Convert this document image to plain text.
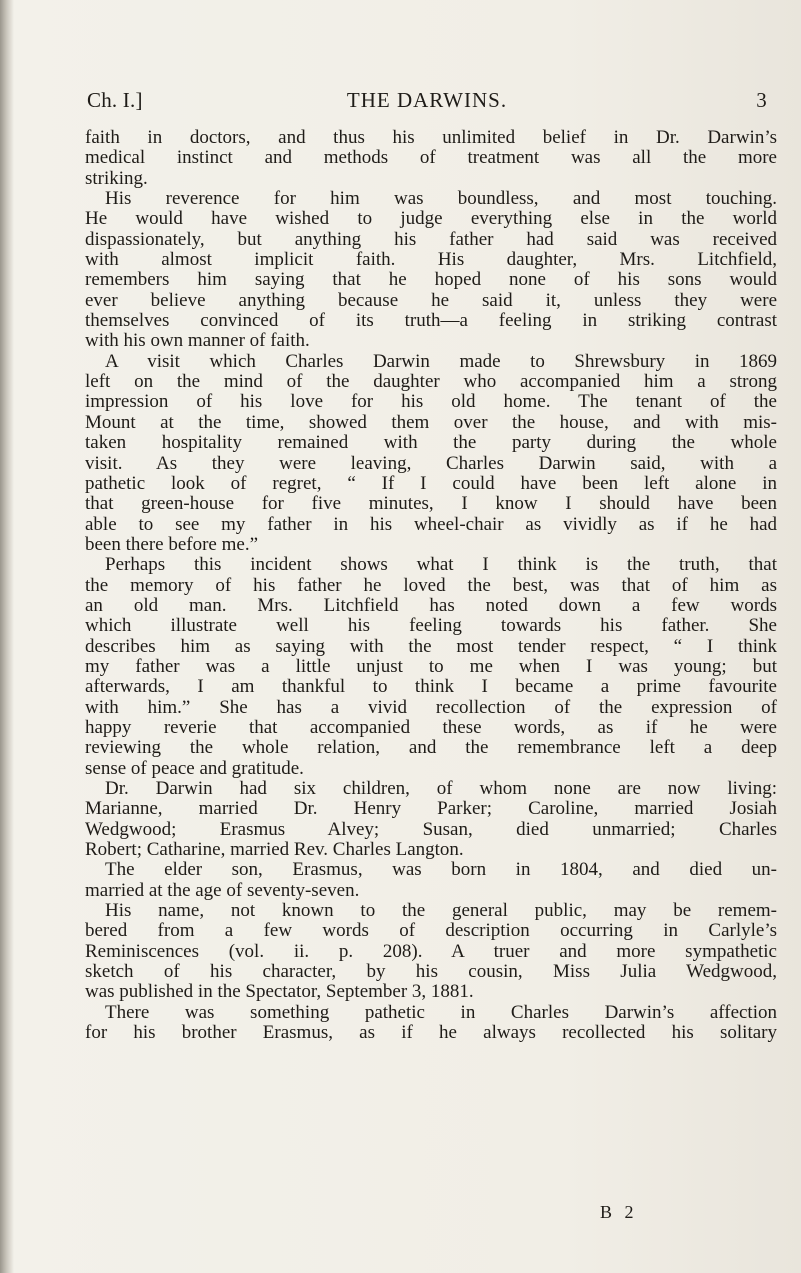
Ch. I.]	THE DARWINS.	3
faith in doctors, and thus his unlimited belief in Dr. Darwin’s
medical instinct and methods of treatment was all the more
striking.
His reverence for him was boundless, and most touching.
He would have wished to judge everything else in the world
dispassionately, but anything his father had said was received
with almost implicit faith. His daughter, Mrs. Litchfield,
remembers him saying that he hoped none of his sons would
ever believe anything because he said it, unless they were
themselves convinced of its truth—a feeling in striking contrast
with his own manner of faith.
A visit which Charles Darwin made to Shrewsbury in 1869
left on the mind of the daughter who accompanied him a strong
impression of his love for his old home. The tenant of the
Mount at the time, showed them over the house, and with mis-
taken hospitality remained with the party during the whole
visit. As they were leaving, Charles Darwin said, with a
pathetic look of regret, “ If I could have been left alone in
that green-house for five minutes, I know I should have been
able to see my father in his wheel-chair as vividly as if he had
been there before me.”
Perhaps this incident shows what I think is the truth, that
the memory of his father he loved the best, was that of him as
an old man. Mrs. Litchfield has noted down a few words
which illustrate well his feeling towards his father. She
describes him as saying with the most tender respect, “ I think
my father was a little unjust to me when I was young; but
afterwards, I am thankful to think I became a prime favourite
with him.” She has a vivid recollection of the expression of
happy reverie that accompanied these words, as if he were
reviewing the whole relation, and the remembrance left a deep
sense of peace and gratitude.
Dr. Darwin had six children, of whom none are now living:
Marianne, married Dr. Henry Parker; Caroline, married Josiah
Wedgwood; Erasmus Alvey; Susan, died unmarried; Charles
Robert; Catharine, married Rev. Charles Langton.
The elder son, Erasmus, was born in 1804, and died un-
married at the age of seventy-seven.
His name, not known to the general public, may be remem-
bered from a few words of description occurring in Carlyle’s
Reminiscences (vol. ii. p. 208). A truer and more sympathetic
sketch of his character, by his cousin, Miss Julia Wedgwood,
was published in the Spectator, September 3, 1881.
There was something pathetic in Charles Darwin’s affection
for his brother Erasmus, as if he always recollected his solitary
B 2
